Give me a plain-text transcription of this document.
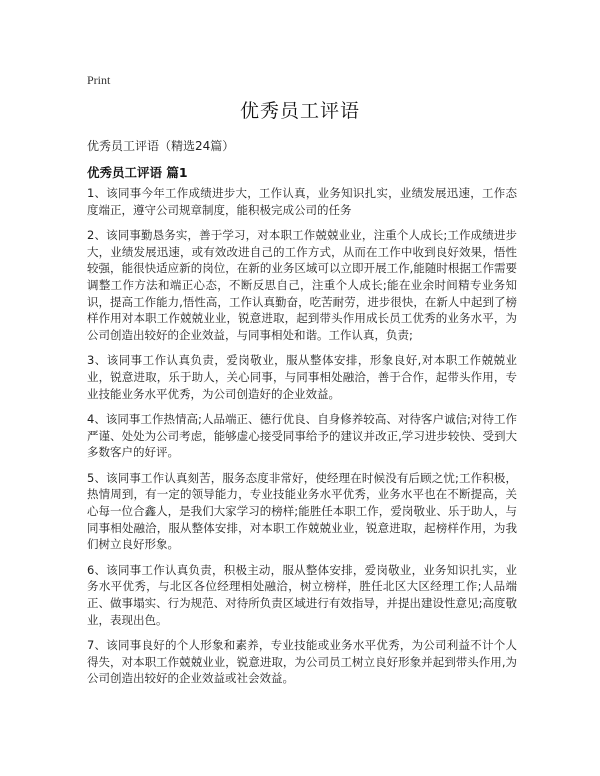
Print
优秀员工评语
优秀员工评语（精选24篇）
优秀员工评语 篇1

1、该同事今年工作成绩进步大，工作认真，业务知识扎实，业绩发展迅速，工作态度端正，遵守公司规章制度，能积极完成公司的任务

2、该同事勤恳务实，善于学习，对本职工作兢兢业业，注重个人成长;工作成绩进步大，业绩发展迅速，或有效改进自己的工作方式，从而在工作中收到良好效果，悟性较强，能很快适应新的岗位，在新的业务区域可以立即开展工作,能随时根据工作需要调整工作方法和端正心态，不断反思自己，注重个人成长;能在业余时间精专业务知识，提高工作能力,悟性高，工作认真勤奋，吃苦耐劳，进步很快，在新人中起到了榜样作用对本职工作兢兢业业，锐意进取，起到带头作用成长员工优秀的业务水平，为公司创造出较好的企业效益，与同事相处和谐。工作认真，负责;

3、该同事工作认真负责，爱岗敬业，服从整体安排，形象良好,对本职工作兢兢业业，锐意进取，乐于助人，关心同事，与同事相处融洽，善于合作，起带头作用，专业技能业务水平优秀，为公司创造好的企业效益。

4、该同事工作热情高;人品端正、德行优良、自身修养较高、对待客户诚信;对待工作严谨、处处为公司考虑，能够虚心接受同事给予的建议并改正,学习进步较快、受到大多数客户的好评。

5、该同事工作认真刻苦，服务态度非常好，使经理在时候没有后顾之忧;工作积极，热情周到，有一定的领导能力，专业技能业务水平优秀，业务水平也在不断提高，关心每一位合鑫人，是我们大家学习的榜样;能胜任本职工作，爱岗敬业、乐于助人，与同事相处融洽，服从整体安排，对本职工作兢兢业业，锐意进取，起榜样作用，为我们树立良好形象。

6、该同事工作认真负责，积极主动，服从整体安排，爱岗敬业，业务知识扎实，业务水平优秀，与北区各位经理相处融洽，树立榜样，胜任北区大区经理工作;人品端正、做事塌实、行为规范、对待所负责区域进行有效指导，并提出建设性意见;高度敬业，表现出色。

7、该同事良好的个人形象和素养，专业技能或业务水平优秀，为公司利益不计个人得失，对本职工作兢兢业业，锐意进取，为公司员工树立良好形象并起到带头作用,为公司创造出较好的企业效益或社会效益。
